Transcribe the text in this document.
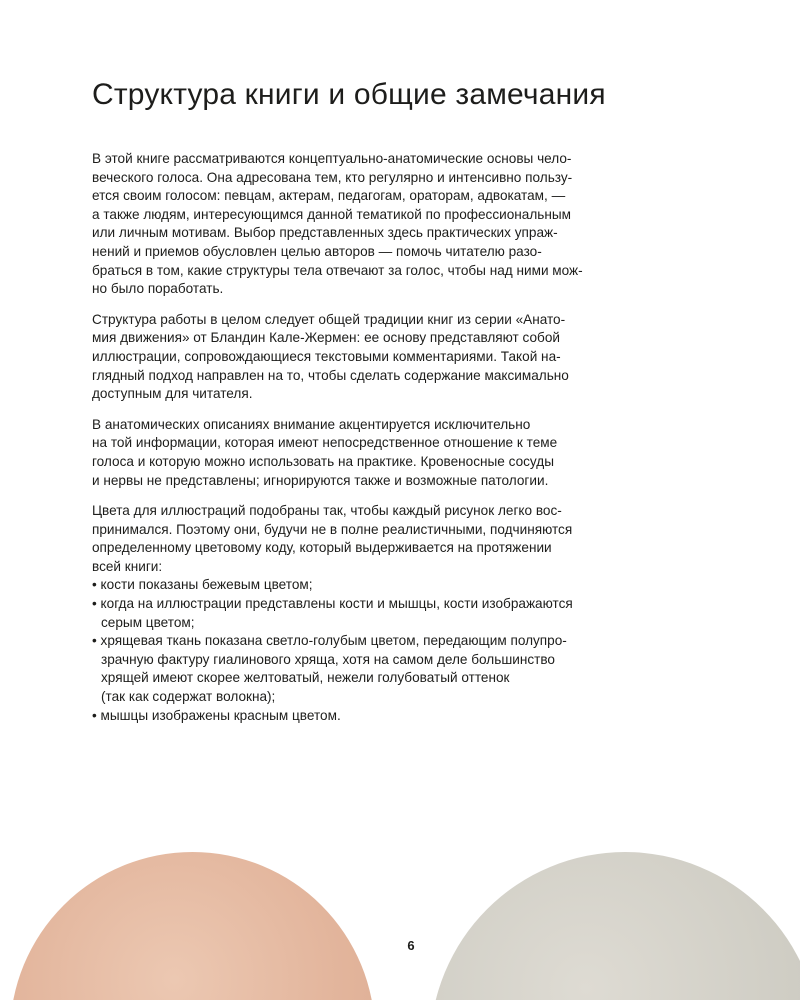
Структура книги и общие замечания

В этой книге рассматриваются концептуально-анатомические основы чело-
веческого голоса. Она адресована тем, кто регулярно и интенсивно пользу-
ется своим голосом: певцам, актерам, педагогам, ораторам, адвокатам, —
а также людям, интересующимся данной тематикой по профессиональным
или личным мотивам. Выбор представленных здесь практических упраж-
нений и приемов обусловлен целью авторов — помочь читателю разо-
браться в том, какие структуры тела отвечают за голос, чтобы над ними мож-
но было поработать.

Структура работы в целом следует общей традиции книг из серии «Анато-
мия движения» от Бландин Кале-Жермен: ее основу представляют собой
иллюстрации, сопровождающиеся текстовыми комментариями. Такой на-
глядный подход направлен на то, чтобы сделать содержание максимально
доступным для читателя.

В анатомических описаниях внимание акцентируется исключительно
на той информации, которая имеют непосредственное отношение к теме
голоса и которую можно использовать на практике. Кровеносные сосуды
и нервы не представлены; игнорируются также и возможные патологии.

Цвета для иллюстраций подобраны так, чтобы каждый рисунок легко вос-
принимался. Поэтому они, будучи не в полне реалистичными, подчиняются
определенному цветовому коду, который выдерживается на протяжении
всей книги:

• кости показаны бежевым цветом;
• когда на иллюстрации представлены кости и мышцы, кости изображаются
серым цветом;
• хрящевая ткань показана светло-голубым цветом, передающим полупро-
зрачную фактуру гиалинового хряща, хотя на самом деле большинство
хрящей имеют скорее желтоватый, нежели голубоватый оттенок
(так как содержат волокна);
• мышцы изображены красным цветом.
6
